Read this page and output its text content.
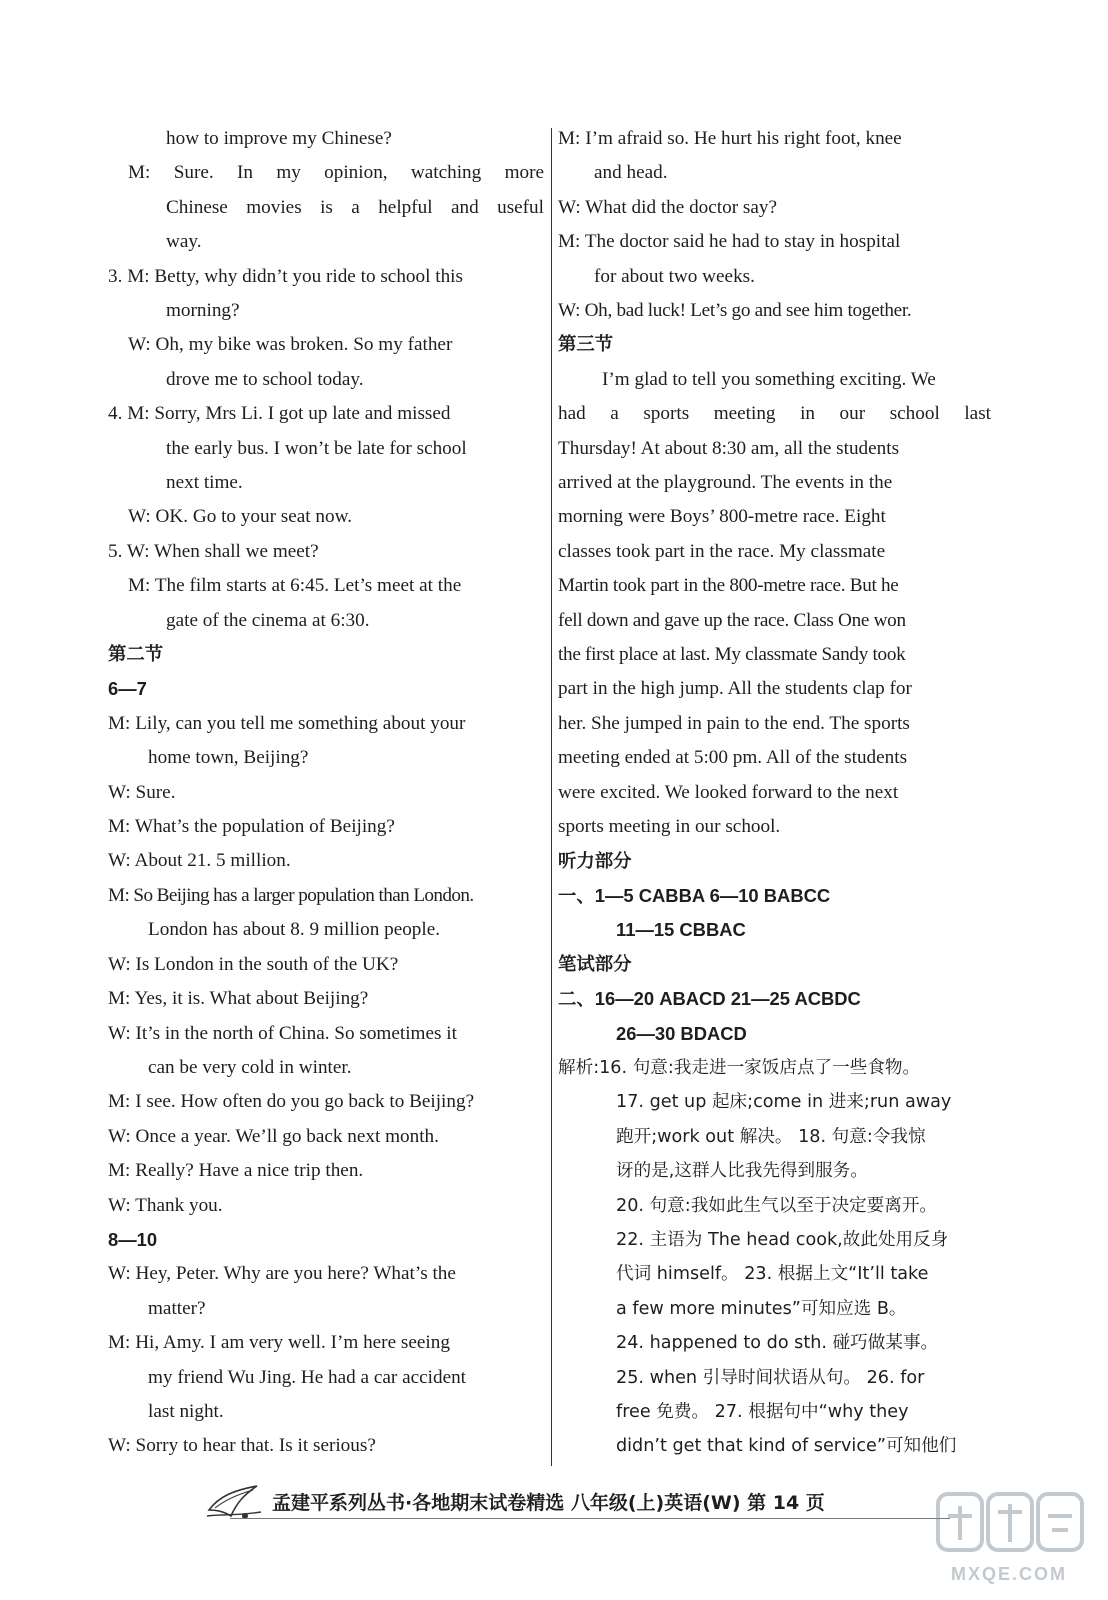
how to improve my Chinese?
M: Sure. In my opinion, watching more
Chinese movies is a helpful and useful
way.
3. M: Betty, why didn’t you ride to school this
morning?
W: Oh, my bike was broken. So my father
drove me to school today.
4. M: Sorry, Mrs Li. I got up late and missed
the early bus. I won’t be late for school
next time.
W: OK. Go to your seat now.
5. W: When shall we meet?
M: The film starts at 6:45. Let’s meet at the
gate of the cinema at 6:30.
第二节
6—7
M: Lily, can you tell me something about your
home town, Beijing?
W: Sure.
M: What’s the population of Beijing?
W: About 21. 5 million.
M: So Beijing has a larger population than London.
London has about 8. 9 million people.
W: Is London in the south of the UK?
M: Yes, it is. What about Beijing?
W: It’s in the north of China. So sometimes it
can be very cold in winter.
M: I see. How often do you go back to Beijing?
W: Once a year. We’ll go back next month.
M: Really? Have a nice trip then.
W: Thank you.
8—10
W: Hey, Peter. Why are you here? What’s the
matter?
M: Hi, Amy. I am very well. I’m here seeing
my friend Wu Jing. He had a car accident
last night.
W: Sorry to hear that. Is it serious?
M: I’m afraid so. He hurt his right foot, knee
and head.
W: What did the doctor say?
M: The doctor said he had to stay in hospital
for about two weeks.
W: Oh, bad luck! Let’s go and see him together.
第三节
I’m glad to tell you something exciting. We
had a sports meeting in our school last
Thursday! At about 8:30 am, all the students
arrived at the playground. The events in the
morning were Boys’ 800-metre race. Eight
classes took part in the race. My classmate
Martin took part in the 800-metre race. But he
fell down and gave up the race. Class One won
the first place at last. My classmate Sandy took
part in the high jump. All the students clap for
her. She jumped in pain to the end. The sports
meeting ended at 5:00 pm. All of the students
were excited. We looked forward to the next
sports meeting in our school.
听力部分
一、1—5 CABBA 6—10 BABCC
11—15 CBBAC
笔试部分
二、16—20 ABACD 21—25 ACBDC
26—30 BDACD
解析:16. 句意:我走进一家饭店点了一些食物。
17. get up 起床;come in 进来;run away
跑开;work out 解决。 18. 句意:令我惊
讶的是,这群人比我先得到服务。
20. 句意:我如此生气以至于决定要离开。
22. 主语为 The head cook,故此处用反身
代词 himself。 23. 根据上文“It’ll take
a few more minutes”可知应选 B。
24. happened to do sth. 碰巧做某事。
25. when 引导时间状语从句。 26. for
free 免费。 27. 根据句中“why they
didn’t get that kind of service”可知他们
孟建平系列丛书·各地期末试卷精选 八年级(上)英语(W) 第 14 页
MXQE.COM
